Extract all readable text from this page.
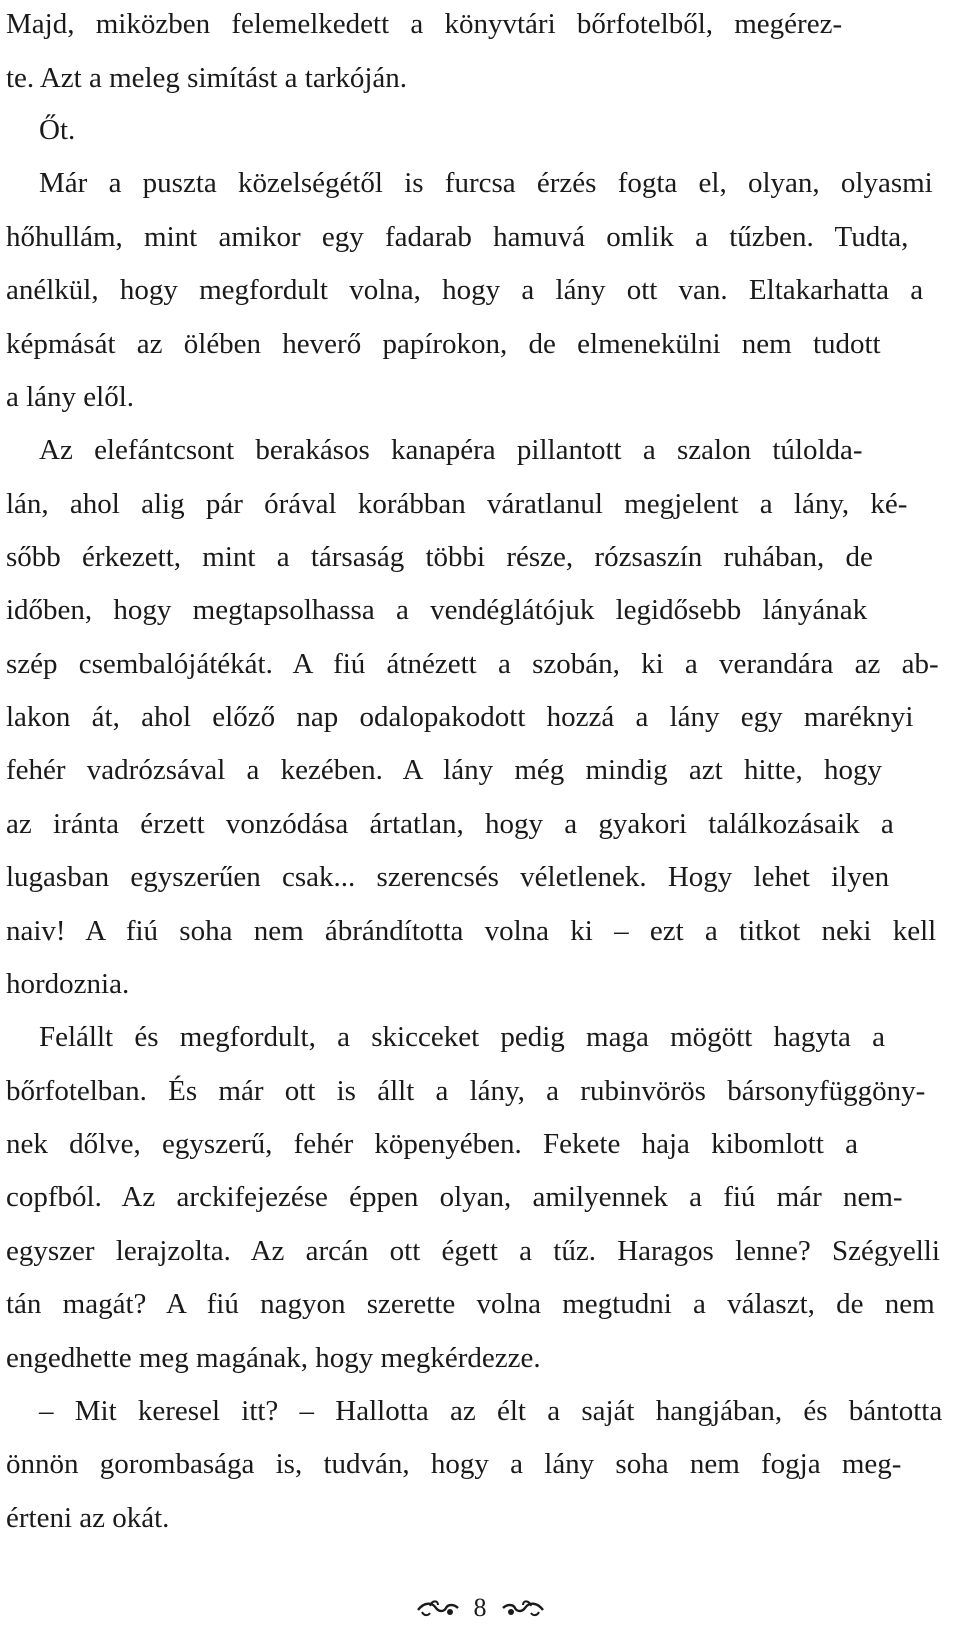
Majd, miközben felemelkedett a könyvtári bőrfotelből, megérez-
te. Azt a meleg simítást a tarkóján.
Őt.
Már a puszta közelségétől is furcsa érzés fogta el, olyan, olyasmi
hőhullám, mint amikor egy fadarab hamuvá omlik a tűzben. Tudta,
anélkül, hogy megfordult volna, hogy a lány ott van. Eltakarhatta a
képmását az ölében heverő papírokon, de elmenekülni nem tudott
a lány elől.
Az elefántcsont berakásos kanapéra pillantott a szalon túlolda-
lán, ahol alig pár órával korábban váratlanul megjelent a lány, ké-
sőbb érkezett, mint a társaság többi része, rózsaszín ruhában, de
időben, hogy megtapsolhassa a vendéglátójuk legidősebb lányának
szép csembalójátékát. A fiú átnézett a szobán, ki a verandára az ab-
lakon át, ahol előző nap odalopakodott hozzá a lány egy maréknyi
fehér vadrózsával a kezében. A lány még mindig azt hitte, hogy
az iránta érzett vonzódása ártatlan, hogy a gyakori találkozásaik a
lugasban egyszerűen csak... szerencsés véletlenek. Hogy lehet ilyen
naiv! A fiú soha nem ábrándította volna ki – ezt a titkot neki kell
hordoznia.
Felállt és megfordult, a skicceket pedig maga mögött hagyta a
bőrfotelban. És már ott is állt a lány, a rubinvörös bársonyfüggöny-
nek dőlve, egyszerű, fehér köpenyében. Fekete haja kibomlott a
copfból. Az arckifejezése éppen olyan, amilyennek a fiú már nem-
egyszer lerajzolta. Az arcán ott égett a tűz. Haragos lenne? Szégyelli
tán magát? A fiú nagyon szerette volna megtudni a választ, de nem
engedhette meg magának, hogy megkérdezze.
– Mit keresel itt? – Hallotta az élt a saját hangjában, és bántotta
önnön gorombasága is, tudván, hogy a lány soha nem fogja meg-
érteni az okát.
8
